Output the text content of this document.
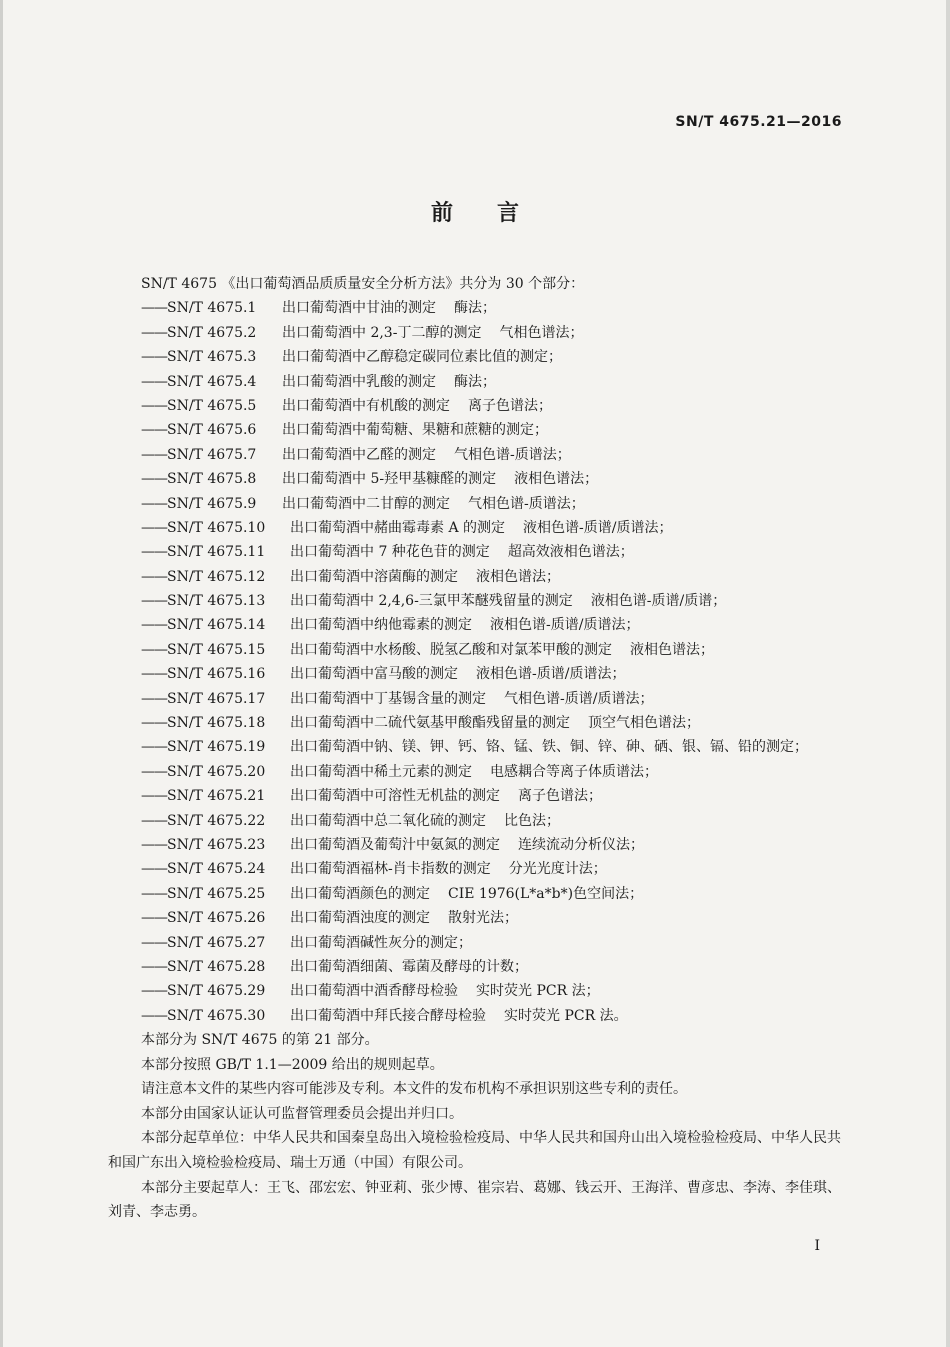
SN/T 4675.21—2016
前言
SN/T 4675 《出口葡萄酒品质质量安全分析方法》共分为 30 个部分：
—— SN/T 4675.1	出口葡萄酒中甘油的测定 酶法；
—— SN/T 4675.2	出口葡萄酒中 2,3-丁二醇的测定 气相色谱法；
—— SN/T 4675.3	出口葡萄酒中乙醇稳定碳同位素比值的测定；
—— SN/T 4675.4	出口葡萄酒中乳酸的测定 酶法；
—— SN/T 4675.5	出口葡萄酒中有机酸的测定 离子色谱法；
—— SN/T 4675.6	出口葡萄酒中葡萄糖、果糖和蔗糖的测定；
—— SN/T 4675.7	出口葡萄酒中乙醛的测定 气相色谱-质谱法；
—— SN/T 4675.8	出口葡萄酒中 5-羟甲基糠醛的测定 液相色谱法；
—— SN/T 4675.9	出口葡萄酒中二甘醇的测定 气相色谱-质谱法；
—— SN/T 4675.10	出口葡萄酒中赭曲霉毒素 A 的测定 液相色谱-质谱/质谱法；
—— SN/T 4675.11	出口葡萄酒中 7 种花色苷的测定 超高效液相色谱法；
—— SN/T 4675.12	出口葡萄酒中溶菌酶的测定 液相色谱法；
—— SN/T 4675.13	出口葡萄酒中 2,4,6-三氯甲苯醚残留量的测定 液相色谱-质谱/质谱；
—— SN/T 4675.14	出口葡萄酒中纳他霉素的测定 液相色谱-质谱/质谱法；
—— SN/T 4675.15	出口葡萄酒中水杨酸、脱氢乙酸和对氯苯甲酸的测定 液相色谱法；
—— SN/T 4675.16	出口葡萄酒中富马酸的测定 液相色谱-质谱/质谱法；
—— SN/T 4675.17	出口葡萄酒中丁基锡含量的测定 气相色谱-质谱/质谱法；
—— SN/T 4675.18	出口葡萄酒中二硫代氨基甲酸酯残留量的测定 顶空气相色谱法；
—— SN/T 4675.19	出口葡萄酒中钠、镁、钾、钙、铬、锰、铁、铜、锌、砷、硒、银、镉、铅的测定；
—— SN/T 4675.20	出口葡萄酒中稀土元素的测定 电感耦合等离子体质谱法；
—— SN/T 4675.21	出口葡萄酒中可溶性无机盐的测定 离子色谱法；
—— SN/T 4675.22	出口葡萄酒中总二氧化硫的测定 比色法；
—— SN/T 4675.23	出口葡萄酒及葡萄汁中氨氮的测定 连续流动分析仪法；
—— SN/T 4675.24	出口葡萄酒福林-肖卡指数的测定 分光光度计法；
—— SN/T 4675.25	出口葡萄酒颜色的测定 CIE 1976(L*a*b*)色空间法；
—— SN/T 4675.26	出口葡萄酒浊度的测定 散射光法；
—— SN/T 4675.27	出口葡萄酒碱性灰分的测定；
—— SN/T 4675.28	出口葡萄酒细菌、霉菌及酵母的计数；
—— SN/T 4675.29	出口葡萄酒中酒香酵母检验 实时荧光 PCR 法；
—— SN/T 4675.30	出口葡萄酒中拜氏接合酵母检验 实时荧光 PCR 法。
本部分为 SN/T 4675 的第 21 部分。
本部分按照 GB/T 1.1—2009 给出的规则起草。
请注意本文件的某些内容可能涉及专利。本文件的发布机构不承担识别这些专利的责任。
本部分由国家认证认可监督管理委员会提出并归口。
本部分起草单位：中华人民共和国秦皇岛出入境检验检疫局、中华人民共和国舟山出入境检验检疫局、中华人民共和国广东出入境检验检疫局、瑞士万通（中国）有限公司。
本部分主要起草人：王飞、邵宏宏、钟亚莉、张少博、崔宗岩、葛娜、钱云开、王海洋、曹彦忠、李涛、李佳琪、刘青、李志勇。
I
